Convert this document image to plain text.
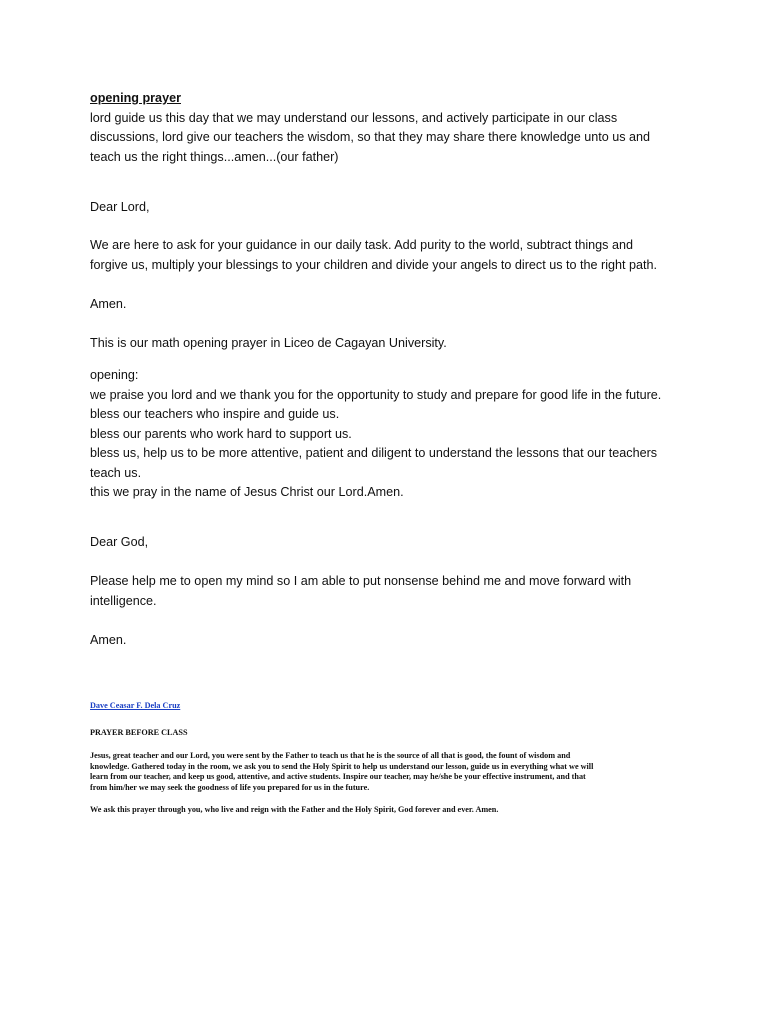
opening prayer
lord guide us this day that we may understand our lessons, and actively participate in our class
discussions, lord give our teachers the wisdom, so that they may share there knowledge unto us and
teach us the right things...amen...(our father)
Dear Lord,
We are here to ask for your guidance in our daily task. Add purity to the world, subtract things and
forgive us, multiply your blessings to your children and divide your angels to direct us to the right path.
Amen.
This is our math opening prayer in Liceo de Cagayan University.
opening:
we praise you lord and we thank you for the opportunity to study and prepare for good life in the future.
bless our teachers who inspire and guide us.
bless our parents who work hard to support us.
bless us, help us to be more attentive, patient and diligent to understand the lessons that our teachers
teach us.
this we pray in the name of Jesus Christ our Lord.Amen.
Dear God,
Please help me to open my mind so I am able to put nonsense behind me and move forward with
intelligence.
Amen.
Dave Ceasar F. Dela Cruz
PRAYER BEFORE CLASS
Jesus, great teacher and our Lord, you were sent by the Father to teach us that he is the source of all that is good, the fount of wisdom and
knowledge. Gathered today in the room, we ask you to send the Holy Spirit to help us understand our lesson, guide us in everything what we will
learn from our teacher, and keep us good, attentive, and active students. Inspire our teacher, may he/she be your effective instrument, and that
from him/her we may seek the goodness of life you prepared for us in the future.
We ask this prayer through you, who live and reign with the Father and the Holy Spirit, God forever and ever. Amen.
